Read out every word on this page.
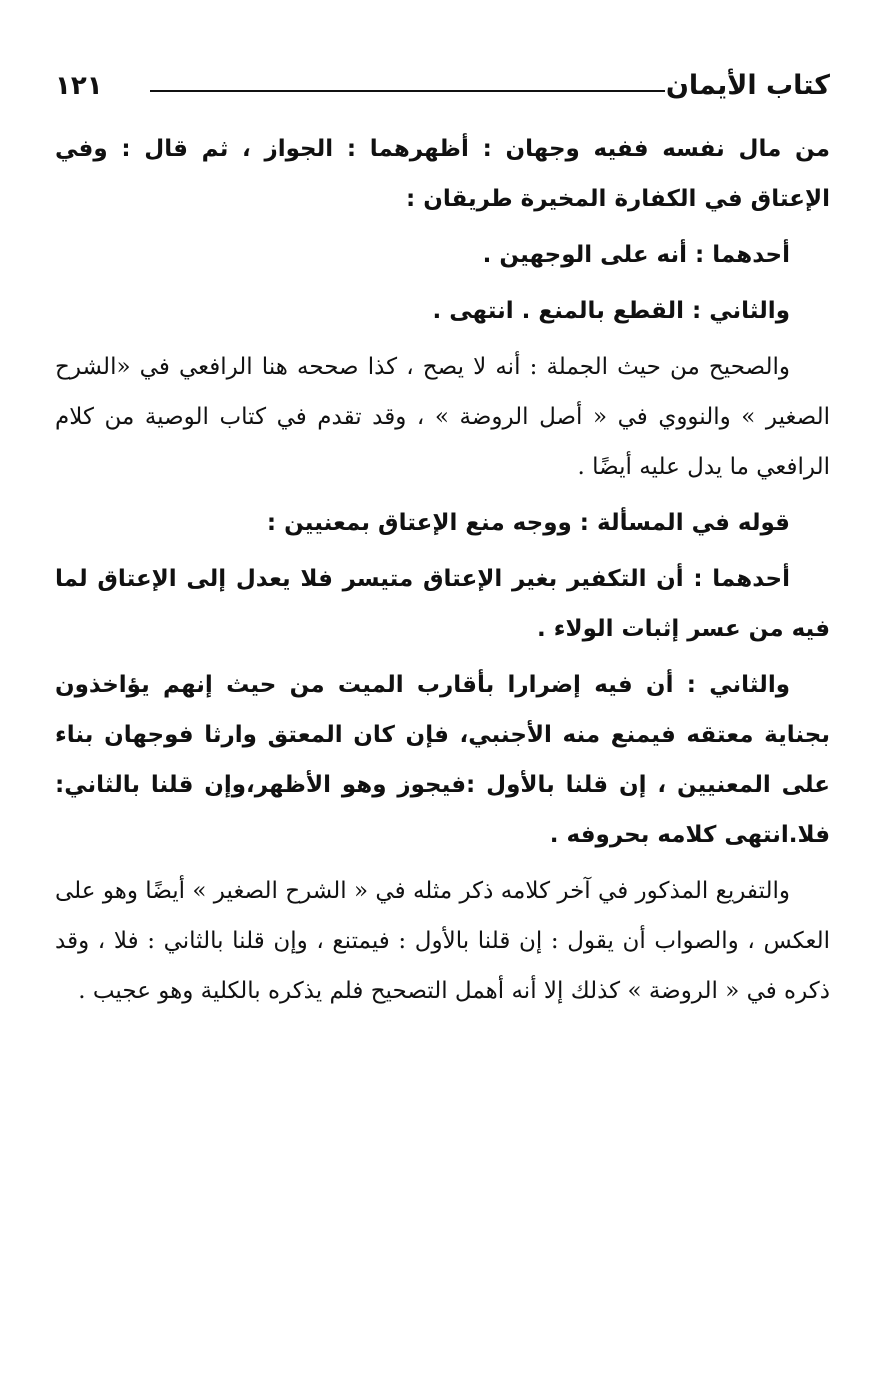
كتاب الأيمان
١٢١

من مال نفسه ففيه وجهان : أظهرهما : الجواز ، ثم قال : وفي الإعتاق في الكفارة المخيرة طريقان :

أحدهما : أنه على الوجهين .

والثاني : القطع بالمنع . انتهى .

والصحيح من حيث الجملة : أنه لا يصح ، كذا صححه هنا الرافعي في «الشرح الصغير » والنووي في « أصل الروضة » ، وقد تقدم في كتاب الوصية من كلام الرافعي ما يدل عليه أيضًا .

قوله في المسألة : ووجه منع الإعتاق بمعنيين :

أحدهما : أن التكفير بغير الإعتاق متيسر فلا يعدل إلى الإعتاق لما فيه من عسر إثبات الولاء .

والثاني : أن فيه إضرارا بأقارب الميت من حيث إنهم يؤاخذون بجناية معتقه فيمنع منه الأجنبي، فإن كان المعتق وارثا فوجهان بناء على المعنيين ، إن قلنا بالأول :فيجوز وهو الأظهر،وإن قلنا بالثاني: فلا.انتهى كلامه بحروفه .

والتفريع المذكور في آخر كلامه ذكر مثله في « الشرح الصغير » أيضًا وهو على العكس ، والصواب أن يقول : إن قلنا بالأول : فيمتنع ، وإن قلنا بالثاني : فلا ، وقد ذكره في « الروضة » كذلك إلا أنه أهمل التصحيح فلم يذكره بالكلية وهو عجيب .
